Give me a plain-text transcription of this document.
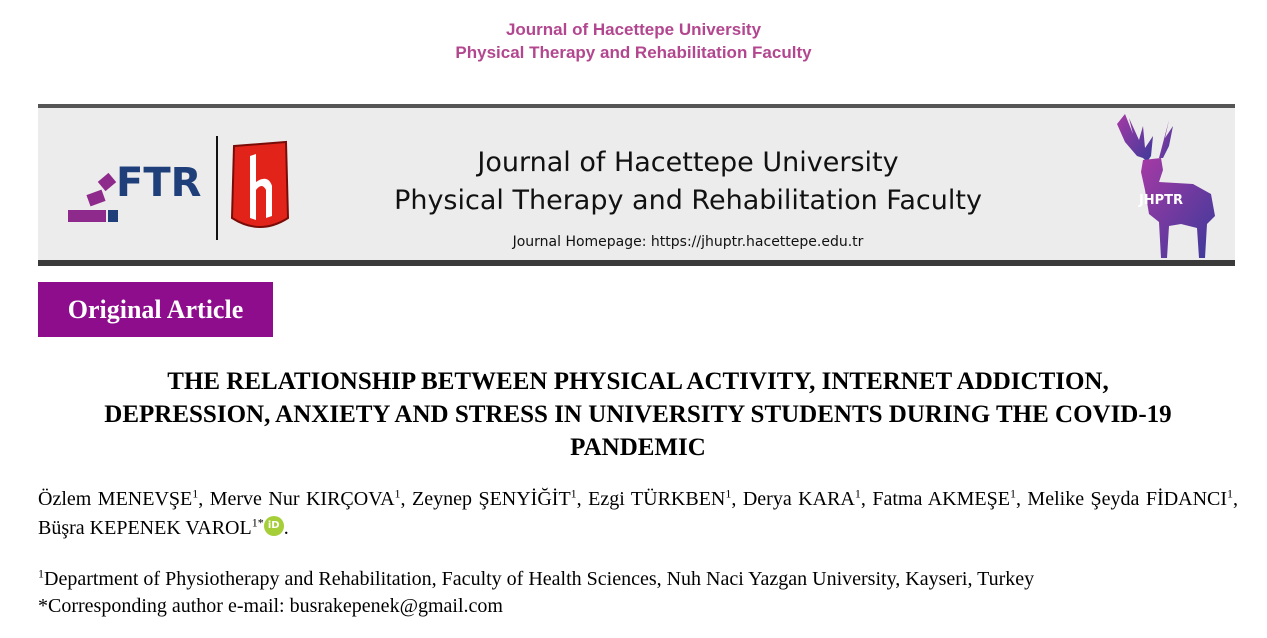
Journal of Hacettepe University
Physical Therapy and Rehabilitation Faculty
FTR	Journal of Hacettepe University
Physical Therapy and Rehabilitation Faculty
Journal Homepage: https://jhuptr.hacettepe.edu.tr
JHPTR
Original Article
THE RELATIONSHIP BETWEEN PHYSICAL ACTIVITY, INTERNET ADDICTION,
DEPRESSION, ANXIETY AND STRESS IN UNIVERSITY STUDENTS DURING THE COVID-19
PANDEMIC
Özlem MENEVŞE$^1$, Merve Nur KIRÇOVA$^1$, Zeynep ŞENYİĞİT$^1$, Ezgi TÜRKBEN$^1$, Derya KARA$^1$, Fatma AKMEŞE$^1$, Melike Şeyda FİDANCI$^1$, Büşra KEPENEK $VAROL^{1*}$ iD .
$^1$Department of Physiotherapy and Rehabilitation, Faculty of Health Sciences, Nuh Naci Yazgan University, Kayseri, Turkey
*Corresponding author e-mail: busrakepenek@gmail.com
